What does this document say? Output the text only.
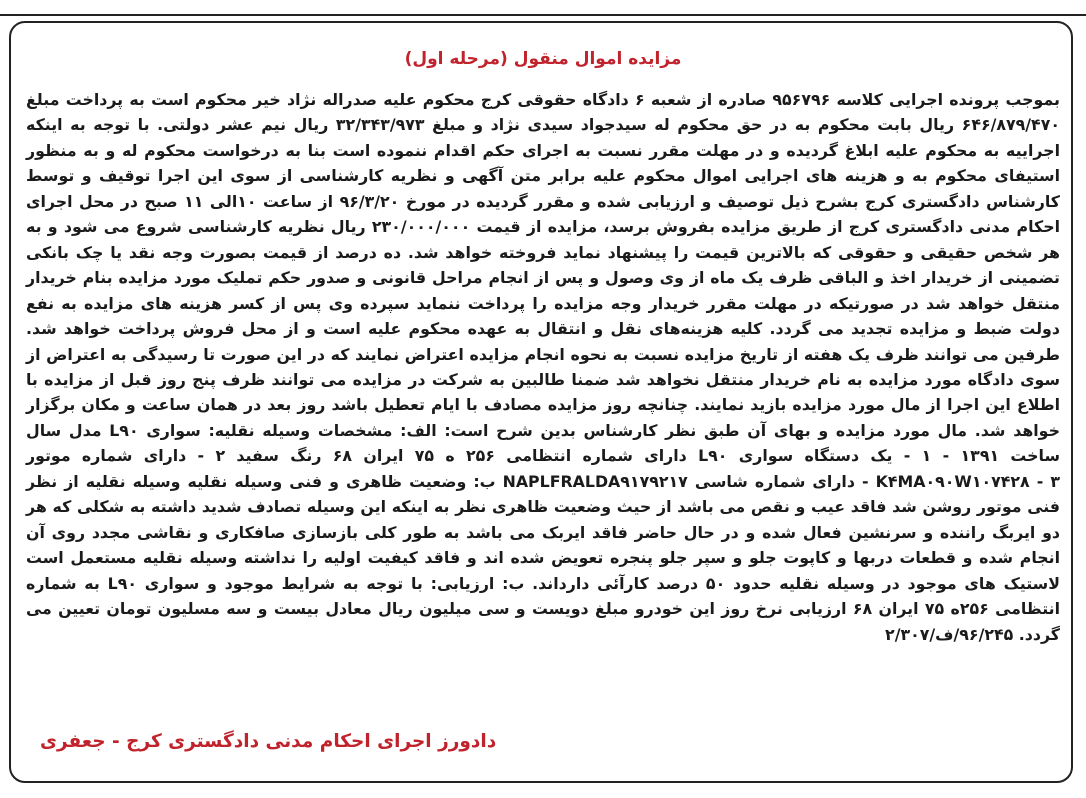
مزایده اموال منقول (مرحله اول)
بموجب پرونده اجرایی کلاسه ۹۵۶۷۹۶ صادره از شعبه ۶ دادگاه حقوقی کرج محکوم علیه صدراله نژاد خیر محکوم است به پرداخت مبلغ ۶۴۶/۸۷۹/۴۷۰ ریال بابت محکوم به در حق محکوم له سیدجواد سیدی نژاد و مبلغ ۳۲/۳۴۳/۹۷۳ ریال نیم عشر دولتی. با توجه به اینکه اجراییه به محکوم علیه ابلاغ گردیده و در مهلت مقرر نسبت به اجرای حکم اقدام ننموده است بنا به درخواست محکوم له و به منظور استیفای محکوم به و هزینه های اجرایی اموال محکوم علیه برابر متن آگهی و نظریه کارشناسی از سوی این اجرا توقیف و توسط کارشناس دادگستری کرج بشرح ذیل توصیف و ارزیابی شده و مقرر گردیده در مورخ ۹۶/۳/۲۰ از ساعت ۱۰الی ۱۱ صبح در محل اجرای احکام مدنی دادگستری کرج از طریق مزایده بفروش برسد، مزایده از قیمت ۲۳۰/۰۰۰/۰۰۰ ریال نظریه کارشناسی شروع می شود و به هر شخص حقیقی و حقوقی که بالاترین قیمت را پیشنهاد نماید فروخته خواهد شد. ده درصد از قیمت بصورت وجه نقد یا چک بانکی تضمینی از خریدار اخذ و الباقی ظرف یک ماه از وی وصول و پس از انجام مراحل قانونی و صدور حکم تملیک مورد مزایده بنام خریدار منتقل خواهد شد در صورتیکه در مهلت مقرر خریدار وجه مزایده را پرداخت ننماید سپرده وی پس از کسر هزینه های مزایده به نفع دولت ضبط و مزایده تجدید می گردد. کلیه هزینه‌های نقل و انتقال به عهده محکوم علیه است و از محل فروش پرداخت خواهد شد. طرفین می توانند ظرف یک هفته از تاریخ مزایده نسبت به نحوه انجام مزایده اعتراض نمایند که در این صورت تا رسیدگی به اعتراض از سوی دادگاه مورد مزایده به نام خریدار منتقل نخواهد شد ضمنا طالبین به شرکت در مزایده می توانند ظرف پنج روز قبل از مزایده با اطلاع این اجرا از مال مورد مزایده بازید نمایند. چنانچه روز مزایده مصادف با ایام تعطیل باشد روز بعد در همان ساعت و مکان برگزار خواهد شد. مال مورد مزایده و بهای آن طبق نظر کارشناس بدین شرح است: الف: مشخصات وسیله نقلیه: سواری L۹۰ مدل سال ساخت ۱۳۹۱ - ۱ - یک دستگاه سواری L۹۰ دارای شماره انتظامی ۲۵۶ ه ۷۵ ایران ۶۸ رنگ سفید ۲ - دارای شماره موتور K۴MA۰۹۰W۱۰۷۴۲۸ - ۳ - دارای شماره شاسی NAPLFRALDA۹۱۷۹۲۱۷ ب: وضعیت ظاهری و فنی وسیله نقلیه وسیله نقلیه از نظر فنی موتور روشن شد فاقد عیب و نقص می باشد از حیث وضعیت ظاهری نظر به اینکه این وسیله تصادف شدید داشته به شکلی که هر دو ایربگ راننده و سرنشین فعال شده و در حال حاضر فاقد ایربک می باشد به طور کلی بازسازی صافکاری و نقاشی مجدد روی آن انجام شده و قطعات دربها و کاپوت جلو و سپر جلو پنجره تعویض شده اند و فاقد کیفیت اولیه را نداشته وسیله نقلیه مستعمل است لاستیک های موجود در وسیله نقلیه حدود ۵۰ درصد کارآئی دارداند. ب: ارزیابی: با توجه به شرایط موجود و سواری L۹۰ به شماره انتظامی ۲۵۶ه ۷۵ ایران ۶۸ ارزیابی نرخ روز این خودرو مبلغ دویست و سی میلیون ریال معادل بیست و سه مسلیون تومان تعیین می گردد. ۹۶/۲۴۵/ف/۲/۳۰۷
دادورز اجرای احکام مدنی دادگستری کرج - جعفری
